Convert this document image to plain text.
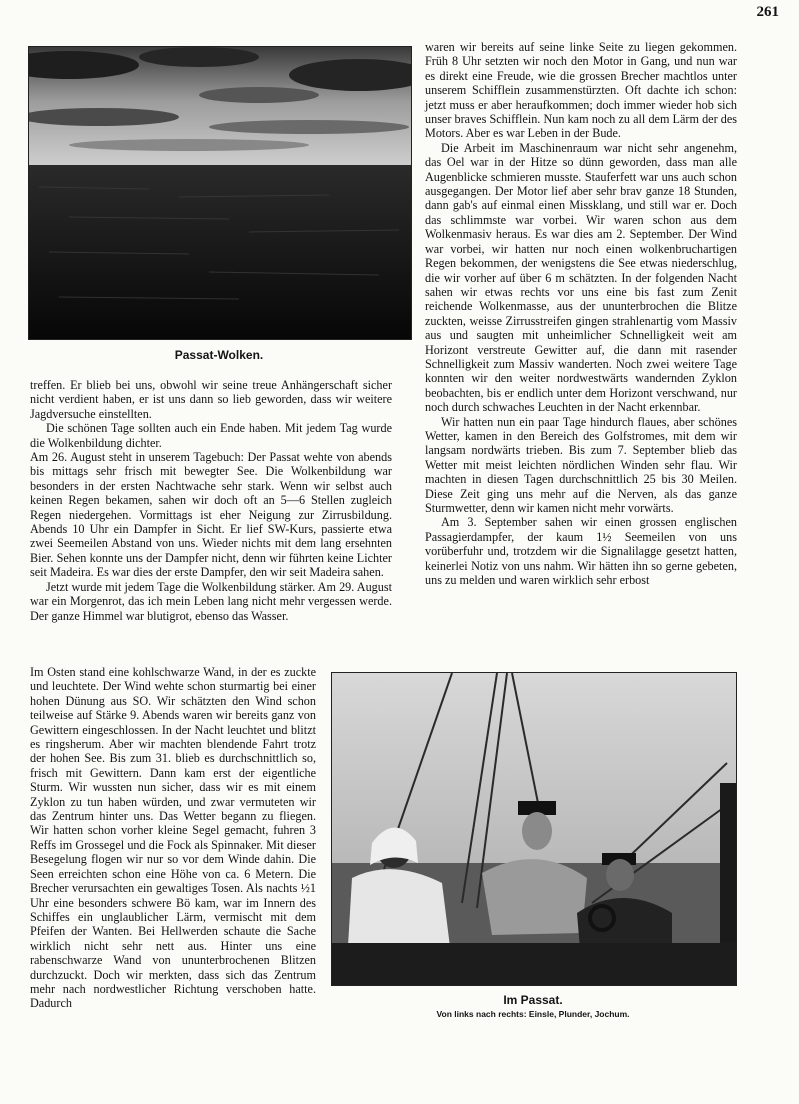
261
Passat-Wolken.

waren wir bereits auf seine linke Seite zu liegen gekommen. Früh 8 Uhr setzten wir noch den Motor in Gang, und nun war es direkt eine Freude, wie die grossen Brecher machtlos unter unserem Schifflein zusammenstürzten. Oft dachte ich schon: jetzt muss er aber heraufkommen; doch immer wieder hob sich unser braves Schifflein. Nun kam noch zu all dem Lärm der des Motors. Aber es war Leben in der Bude.

Die Arbeit im Maschinenraum war nicht sehr angenehm, das Oel war in der Hitze so dünn geworden, dass man alle Augenblicke schmieren musste. Stauferfett war uns auch schon ausgegangen. Der Motor lief aber sehr brav ganze 18 Stunden, dann gab's auf einmal einen Missklang, und still war er. Doch das schlimmste war vorbei. Wir waren schon aus dem Wolkenmasiv heraus. Es war dies am 2. September. Der Wind war vorbei, wir hatten nur noch einen wolkenbruchartigen Regen bekommen, der wenigstens die See etwas niederschlug, die wir vorher auf über 6 m schätzten. In der folgenden Nacht sahen wir etwas rechts vor uns eine bis fast zum Zenit reichende Wolkenmasse, aus der ununterbrochen die Blitze zuckten, weisse Zirrusstreifen gingen strahlenartig vom Massiv aus und saugten mit unheimlicher Schnelligkeit weit am Horizont verstreute Gewitter auf, die dann mit rasender Schnelligkeit zum Massiv wanderten. Noch zwei weitere Tage konnten wir den weiter nordwestwärts wandernden Zyklon beobachten, bis er endlich unter dem Horizont verschwand, nur noch durch schwaches Leuchten in der Nacht erkennbar.

Wir hatten nun ein paar Tage hindurch flaues, aber schönes Wetter, kamen in den Bereich des Golfstromes, mit dem wir langsam nordwärts trieben. Bis zum 7. September blieb das Wetter mit meist leichten nördlichen Winden sehr flau. Wir machten in diesen Tagen durchschnittlich 25 bis 30 Meilen. Diese Zeit ging uns mehr auf die Nerven, als das ganze Sturmwetter, denn wir kamen nicht mehr vorwärts.

Am 3. September sahen wir einen grossen englischen Passagierdampfer, der kaum 1½ Seemeilen von uns vorüberfuhr und, trotzdem wir die Signalilagge gesetzt hatten, keinerlei Notiz von uns nahm. Wir hätten ihn so gerne gebeten, uns zu melden und waren wirklich sehr erbost

treffen. Er blieb bei uns, obwohl wir seine treue Anhängerschaft sicher nicht verdient haben, er ist uns dann so lieb geworden, dass wir weitere Jagdversuche einstellten.

Die schönen Tage sollten auch ein Ende haben. Mit jedem Tag wurde die Wolkenbildung dichter.

Am 26. August steht in unserem Tagebuch: Der Passat wehte von abends bis mittags sehr frisch mit bewegter See. Die Wolkenbildung war besonders in der ersten Nachtwache sehr stark. Wenn wir selbst auch keinen Regen bekamen, sahen wir doch oft an 5—6 Stellen zugleich Regen niedergehen. Vormittags ist eher Neigung zur Zirrusbildung. Abends 10 Uhr ein Dampfer in Sicht. Er lief SW-Kurs, passierte etwa zwei Seemeilen Abstand von uns. Wieder nichts mit dem lang ersehnten Bier. Sehen konnte uns der Dampfer nicht, denn wir führten keine Lichter seit Madeira. Es war dies der erste Dampfer, den wir seit Madeira sahen.

Jetzt wurde mit jedem Tage die Wolkenbildung stärker. Am 29. August war ein Morgenrot, das ich mein Leben lang nicht mehr vergessen werde. Der ganze Himmel war blutigrot, ebenso das Wasser.

Im Osten stand eine kohlschwarze Wand, in der es zuckte und leuchtete. Der Wind wehte schon sturmartig bei einer hohen Dünung aus SO. Wir schätzten den Wind schon teilweise auf Stärke 9. Abends waren wir bereits ganz von Gewittern eingeschlossen. In der Nacht leuchtet und blitzt es ringsherum. Aber wir machten blendende Fahrt trotz der hohen See. Bis zum 31. blieb es durchschnittlich so, frisch mit Gewittern. Dann kam erst der eigentliche Sturm. Wir wussten nun sicher, dass wir es mit einem Zyklon zu tun haben würden, und zwar vermuteten wir das Zentrum hinter uns. Das Wetter begann zu fliegen. Wir hatten schon vorher kleine Segel gemacht, fuhren 3 Reffs im Grossegel und die Fock als Spinnaker. Mit dieser Besegelung flogen wir nur so vor dem Winde dahin. Die Seen erreichten schon eine Höhe von ca. 6 Metern. Die Brecher verursachten ein gewaltiges Tosen. Als nachts ½1 Uhr eine besonders schwere Bö kam, war im Innern des Schiffes ein unglaublicher Lärm, vermischt mit dem Pfeifen der Wanten. Bei Hellwerden schaute die Sache wirklich nicht sehr nett aus. Hinter uns eine rabenschwarze Wand von ununterbrochenen Blitzen durchzuckt. Doch wir merkten, dass sich das Zentrum mehr nach nordwestlicher Richtung verschoben hatte. Dadurch	Im Passat.
Von links nach rechts: Einsle, Plunder, Jochum.
